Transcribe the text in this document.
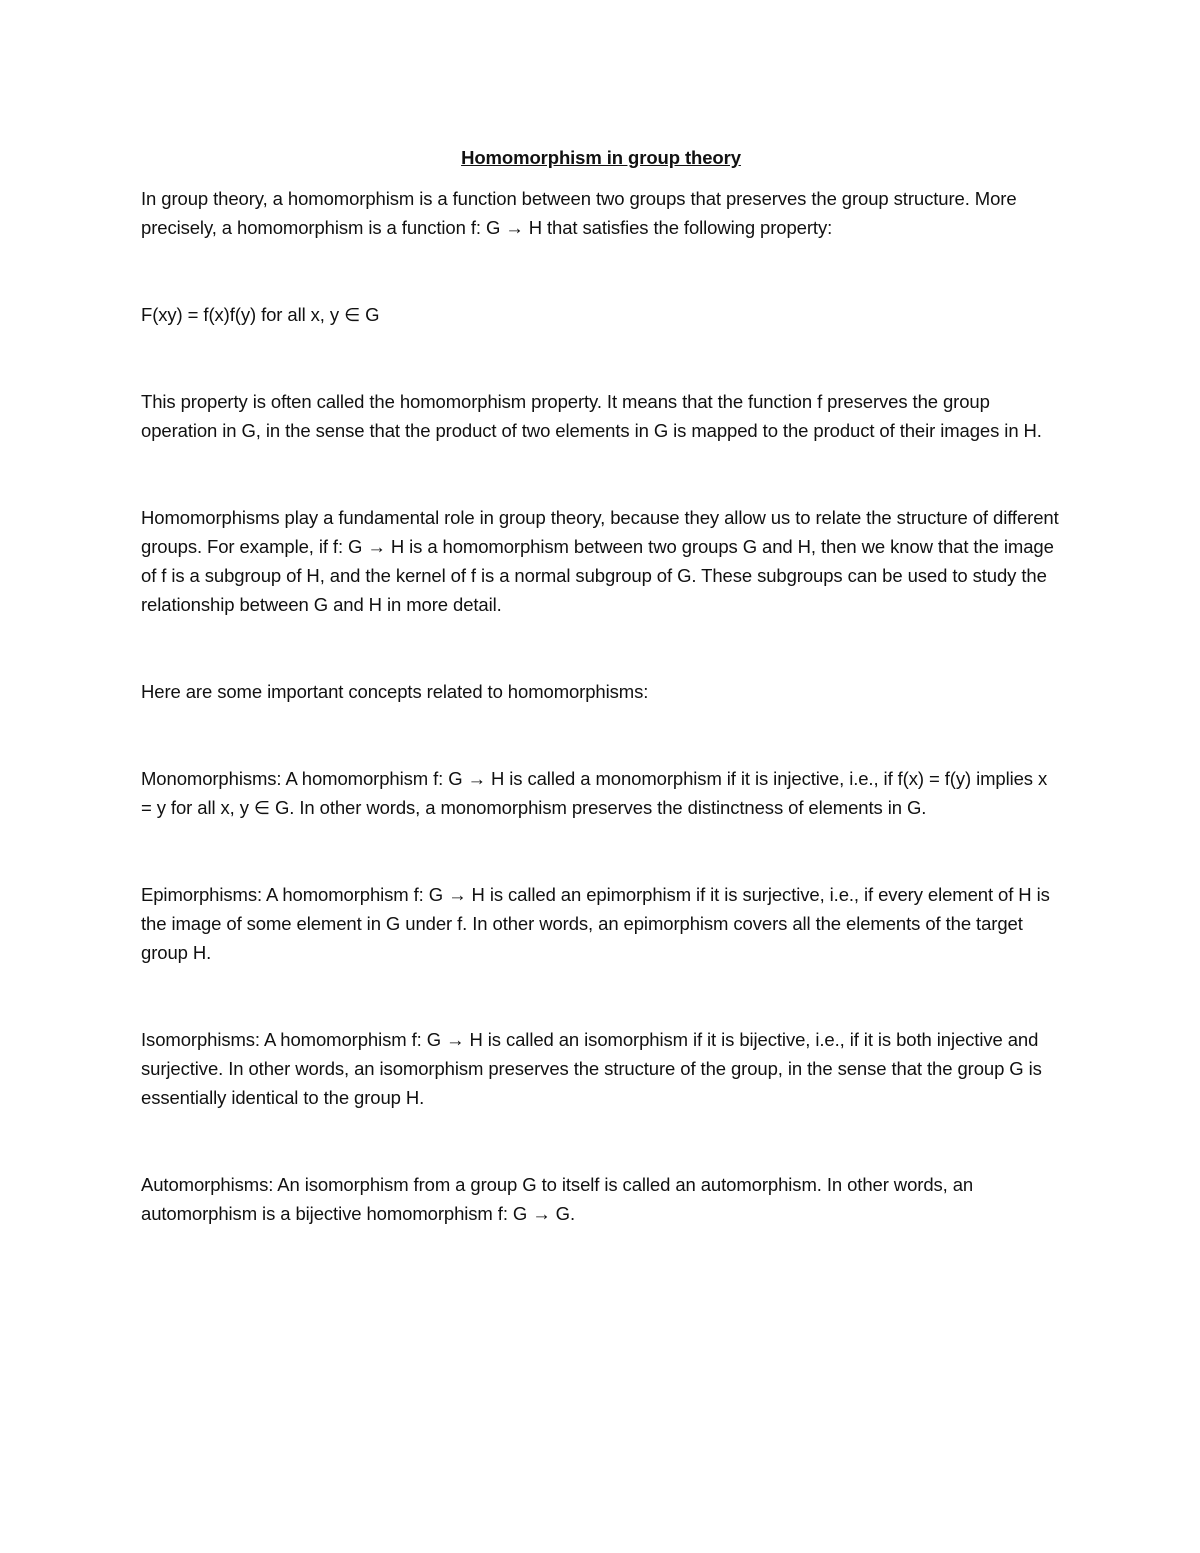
Homomorphism in group theory

In group theory, a homomorphism is a function between two groups that preserves the group structure. More precisely, a homomorphism is a function f: G → H that satisfies the following property:

F(xy) = f(x)f(y) for all x, y ∈ G

This property is often called the homomorphism property. It means that the function f preserves the group operation in G, in the sense that the product of two elements in G is mapped to the product of their images in H.

Homomorphisms play a fundamental role in group theory, because they allow us to relate the structure of different groups. For example, if f: G → H is a homomorphism between two groups G and H, then we know that the image of f is a subgroup of H, and the kernel of f is a normal subgroup of G. These subgroups can be used to study the relationship between G and H in more detail.

Here are some important concepts related to homomorphisms:

Monomorphisms: A homomorphism f: G → H is called a monomorphism if it is injective, i.e., if f(x) = f(y) implies x = y for all x, y ∈ G. In other words, a monomorphism preserves the distinctness of elements in G.

Epimorphisms: A homomorphism f: G → H is called an epimorphism if it is surjective, i.e., if every element of H is the image of some element in G under f. In other words, an epimorphism covers all the elements of the target group H.

Isomorphisms: A homomorphism f: G → H is called an isomorphism if it is bijective, i.e., if it is both injective and surjective. In other words, an isomorphism preserves the structure of the group, in the sense that the group G is essentially identical to the group H.

Automorphisms: An isomorphism from a group G to itself is called an automorphism. In other words, an automorphism is a bijective homomorphism f: G → G.
